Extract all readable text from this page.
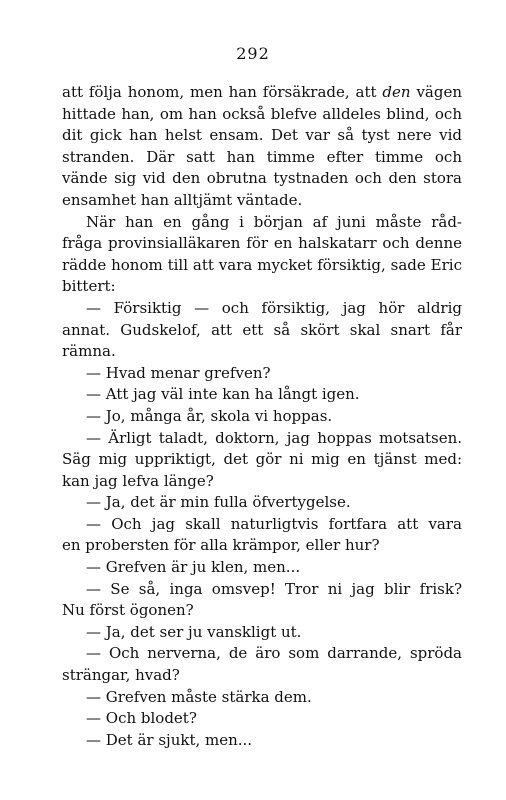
292
att följa honom, men han försäkrade, att den vägen
hittade han, om han också blefve alldeles blind, och
dit gick han helst ensam. Det var så tyst nere vid
stranden. Där satt han timme efter timme och
vände sig vid den obrutna tystnaden och den stora
ensamhet han alltjämt väntade.
När han en gång i början af juni måste råd-
fråga provinsialläkaren för en halskatarr och denne
rädde honom till att vara mycket försiktig, sade Eric
bittert:
— Försiktig — och försiktig, jag hör aldrig
annat. Gudskelof, att ett så skört skal snart får
rämna.
— Hvad menar grefven?
— Att jag väl inte kan ha långt igen.
— Jo, många år, skola vi hoppas.
— Ärligt taladt, doktorn, jag hoppas motsatsen.
Säg mig uppriktigt, det gör ni mig en tjänst med:
kan jag lefva länge?
— Ja, det är min fulla öfvertygelse.
— Och jag skall naturligtvis fortfara att vara
en probersten för alla krämpor, eller hur?
— Grefven är ju klen, men...
— Se så, inga omsvep! Tror ni jag blir frisk?
Nu först ögonen?
— Ja, det ser ju vanskligt ut.
— Och nerverna, de äro som darrande, spröda
strängar, hvad?
— Grefven måste stärka dem.
— Och blodet?
— Det är sjukt, men...
